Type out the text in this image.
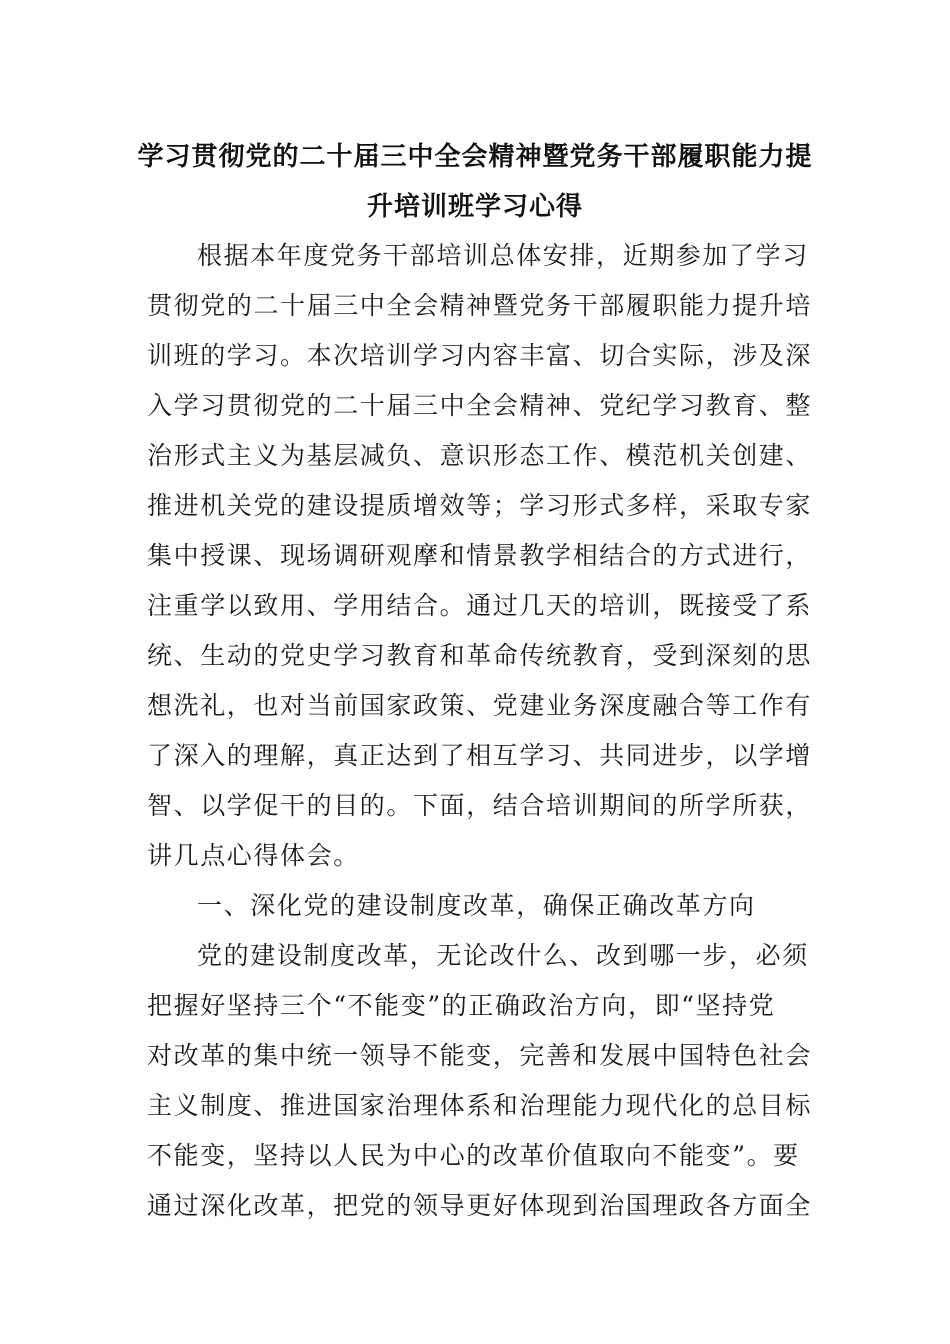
学习贯彻党的二十届三中全会精神暨党务干部履职能力提
升培训班学习心得
根据本年度党务干部培训总体安排，近期参加了学习
贯彻党的二十届三中全会精神暨党务干部履职能力提升培
训班的学习。本次培训学习内容丰富、切合实际，涉及深
入学习贯彻党的二十届三中全会精神、党纪学习教育、整
治形式主义为基层减负、意识形态工作、模范机关创建、
推进机关党的建设提质增效等；学习形式多样，采取专家
集中授课、现场调研观摩和情景教学相结合的方式进行，
注重学以致用、学用结合。通过几天的培训，既接受了系
统、生动的党史学习教育和革命传统教育，受到深刻的思
想洗礼，也对当前国家政策、党建业务深度融合等工作有
了深入的理解，真正达到了相互学习、共同进步，以学增
智、以学促干的目的。下面，结合培训期间的所学所获，
讲几点心得体会。
一、深化党的建设制度改革，确保正确改革方向
党的建设制度改革，无论改什么、改到哪一步，必须
把握好坚持三个“不能变”的正确政治方向，即“坚持党
对改革的集中统一领导不能变，完善和发展中国特色社会
主义制度、推进国家治理体系和治理能力现代化的总目标
不能变，坚持以人民为中心的改革价值取向不能变”。要
通过深化改革，把党的领导更好体现到治国理政各方面全
